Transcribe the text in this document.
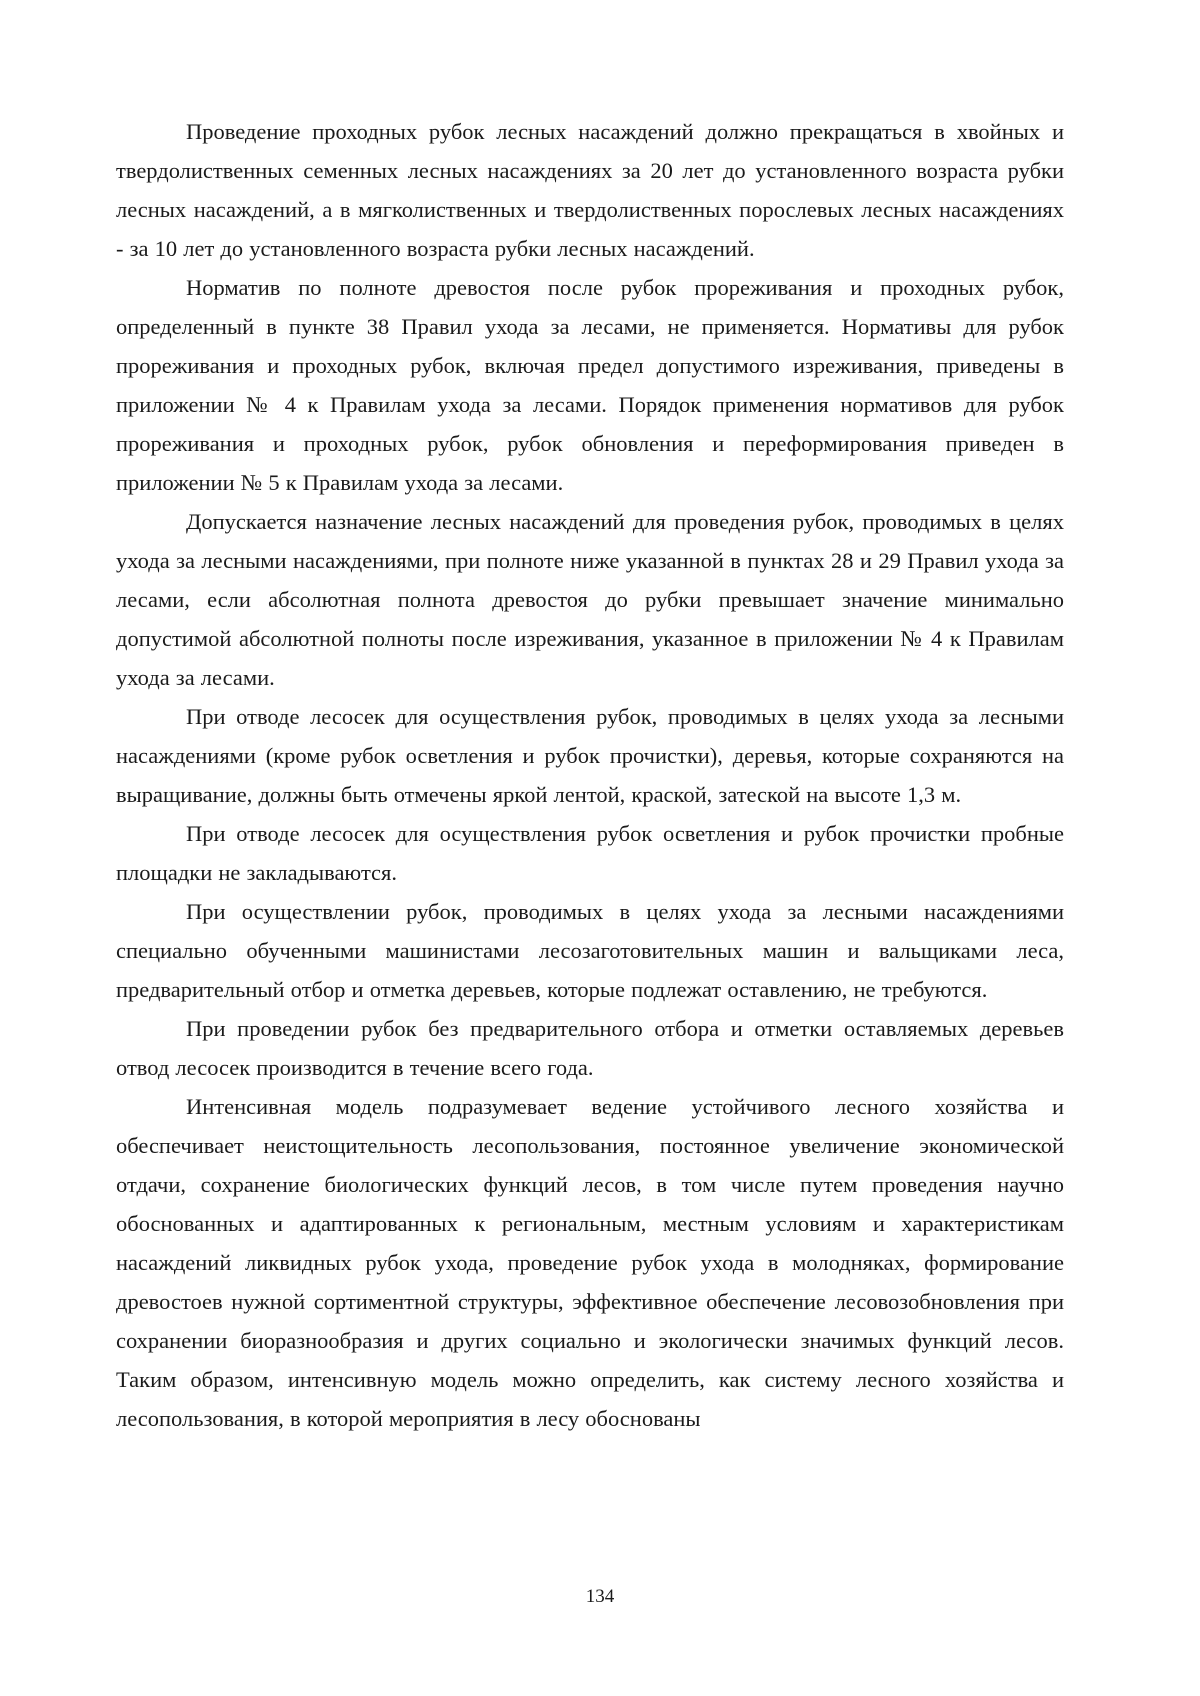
Проведение проходных рубок лесных насаждений должно прекращаться в хвойных и твердолиственных семенных лесных насаждениях за 20 лет до установленного возраста рубки лесных насаждений, а в мягколиственных и твердолиственных порослевых лесных насаждениях - за 10 лет до установленного возраста рубки лесных насаждений.

Норматив по полноте древостоя после рубок прореживания и проходных рубок, определенный в пункте 38 Правил ухода за лесами, не применяется. Нормативы для рубок прореживания и проходных рубок, включая предел допустимого изреживания, приведены в приложении № 4 к Правилам ухода за лесами. Порядок применения нормативов для рубок прореживания и проходных рубок, рубок обновления и переформирования приведен в приложении № 5 к Правилам ухода за лесами.

Допускается назначение лесных насаждений для проведения рубок, проводимых в целях ухода за лесными насаждениями, при полноте ниже указанной в пунктах 28 и 29 Правил ухода за лесами, если абсолютная полнота древостоя до рубки превышает значение минимально допустимой абсолютной полноты после изреживания, указанное в приложении № 4 к Правилам ухода за лесами.

При отводе лесосек для осуществления рубок, проводимых в целях ухода за лесными насаждениями (кроме рубок осветления и рубок прочистки), деревья, которые сохраняются на выращивание, должны быть отмечены яркой лентой, краской, затеской на высоте 1,3 м.

При отводе лесосек для осуществления рубок осветления и рубок прочистки пробные площадки не закладываются.

При осуществлении рубок, проводимых в целях ухода за лесными насаждениями специально обученными машинистами лесозаготовительных машин и вальщиками леса, предварительный отбор и отметка деревьев, которые подлежат оставлению, не требуются.

При проведении рубок без предварительного отбора и отметки оставляемых деревьев отвод лесосек производится в течение всего года.

Интенсивная модель подразумевает ведение устойчивого лесного хозяйства и обеспечивает неистощительность лесопользования, постоянное увеличение экономической отдачи, сохранение биологических функций лесов, в том числе путем проведения научно обоснованных и адаптированных к региональным, местным условиям и характеристикам насаждений ликвидных рубок ухода, проведение рубок ухода в молодняках, формирование древостоев нужной сортиментной структуры, эффективное обеспечение лесовозобновления при сохранении биоразнообразия и других социально и экологически значимых функций лесов. Таким образом, интенсивную модель можно определить, как систему лесного хозяйства и лесопользования, в которой мероприятия в лесу обоснованы

134
